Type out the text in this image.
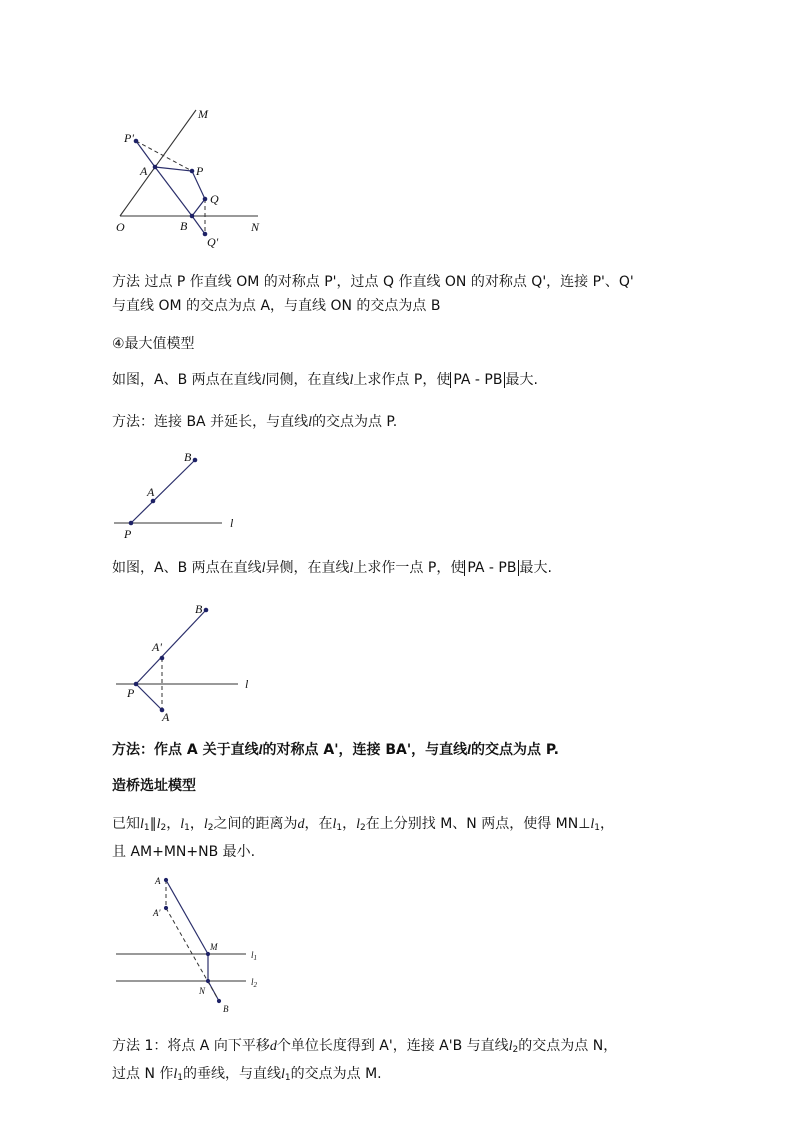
M
P'
A	P
Q
O	B	N
Q'
方法 过点 P 作直线 OM 的对称点 P'，过点 Q 作直线 ON 的对称点 Q'，连接 P'、Q'
与直线 OM 的交点为点 A，与直线 ON 的交点为点 B
④最大值模型
如图，A、B 两点在直线l同侧，在直线l上求作点 P，使 PA - PB 最大.
方法：连接 BA 并延长，与直线l的交点为点 P.
B
A
P
l
如图，A、B 两点在直线l异侧，在直线l上求作一点 P，使 PA - PB 最大.
B
A'
P
l
A
方法：作点 A 关于直线l的对称点 A'，连接 BA'，与直线l的交点为点 P.
造桥选址模型
已知$l_1\parallel l_2$，$l_1$，$l_2$之间的距离为d，在$l_1$，$l_2$在上分别找 M、N 两点，使得 $MN\perp l_1$，
且 AM+MN+NB 最小.
A
A'
M
N
B
$l_1$
$l_2$
方法 1：将点 A 向下平移d个单位长度得到 A'，连接 A'B 与直线$l_2$的交点为点 N，
过点 N 作$l_1$的垂线，与直线$l_1$的交点为点 M.
